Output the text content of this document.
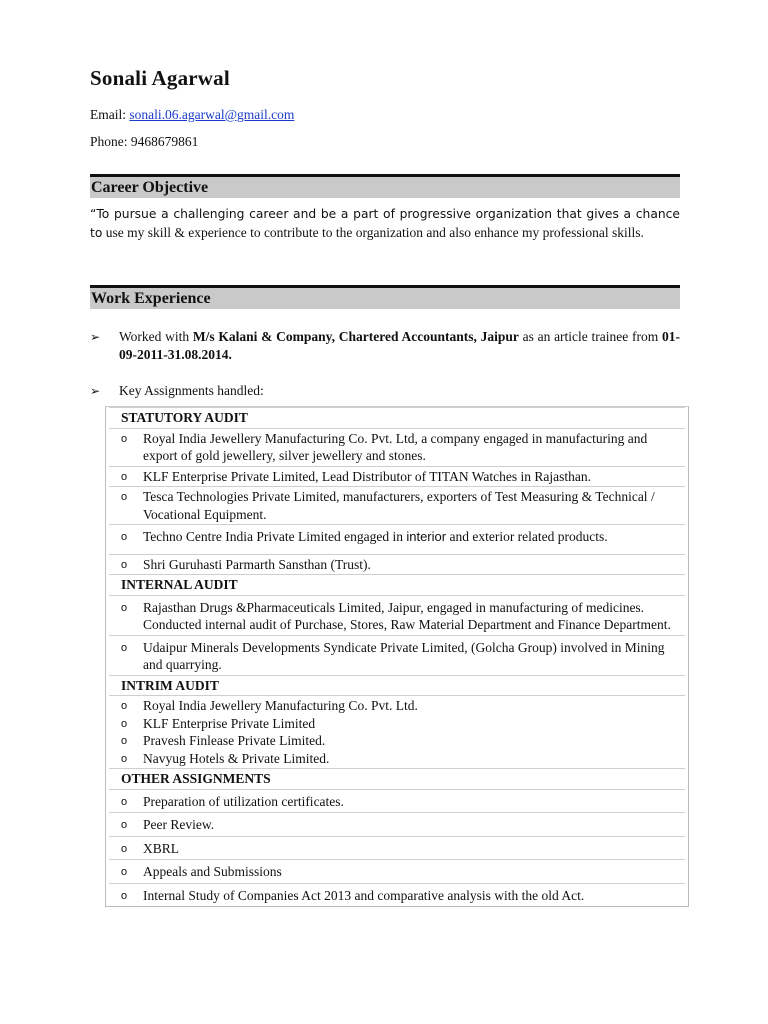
Sonali Agarwal
Email: sonali.06.agarwal@gmail.com
Phone: 9468679861
Career Objective
“To pursue a challenging career and be a part of progressive organization that gives a chance to use my skill & experience to contribute to the organization and also enhance my professional skills.
Work Experience
➢ Worked with M/s Kalani & Company, Chartered Accountants, Jaipur as an article trainee from 01-09-2011-31.08.2014.
➢ Key Assignments handled:
STATUTORY AUDIT
o Royal India Jewellery Manufacturing Co. Pvt. Ltd, a company engaged in manufacturing and export of gold jewellery, silver jewellery and stones.
o KLF Enterprise Private Limited, Lead Distributor of TITAN Watches in Rajasthan.
o Tesca Technologies Private Limited, manufacturers, exporters of Test Measuring & Technical / Vocational Equipment.
o Techno Centre India Private Limited engaged in interior and exterior related products.
o Shri Guruhasti Parmarth Sansthan (Trust).
INTERNAL AUDIT
o Rajasthan Drugs &Pharmaceuticals Limited, Jaipur, engaged in manufacturing of medicines. Conducted internal audit of Purchase, Stores, Raw Material Department and Finance Department.
o Udaipur Minerals Developments Syndicate Private Limited, (Golcha Group) involved in Mining and quarrying.
INTRIM AUDIT
o Royal India Jewellery Manufacturing Co. Pvt. Ltd.
o KLF Enterprise Private Limited
o Pravesh Finlease Private Limited.
o Navyug Hotels & Private Limited.
OTHER ASSIGNMENTS
o Preparation of utilization certificates.
o Peer Review.
o XBRL
o Appeals and Submissions
o Internal Study of Companies Act 2013 and comparative analysis with the old Act.
